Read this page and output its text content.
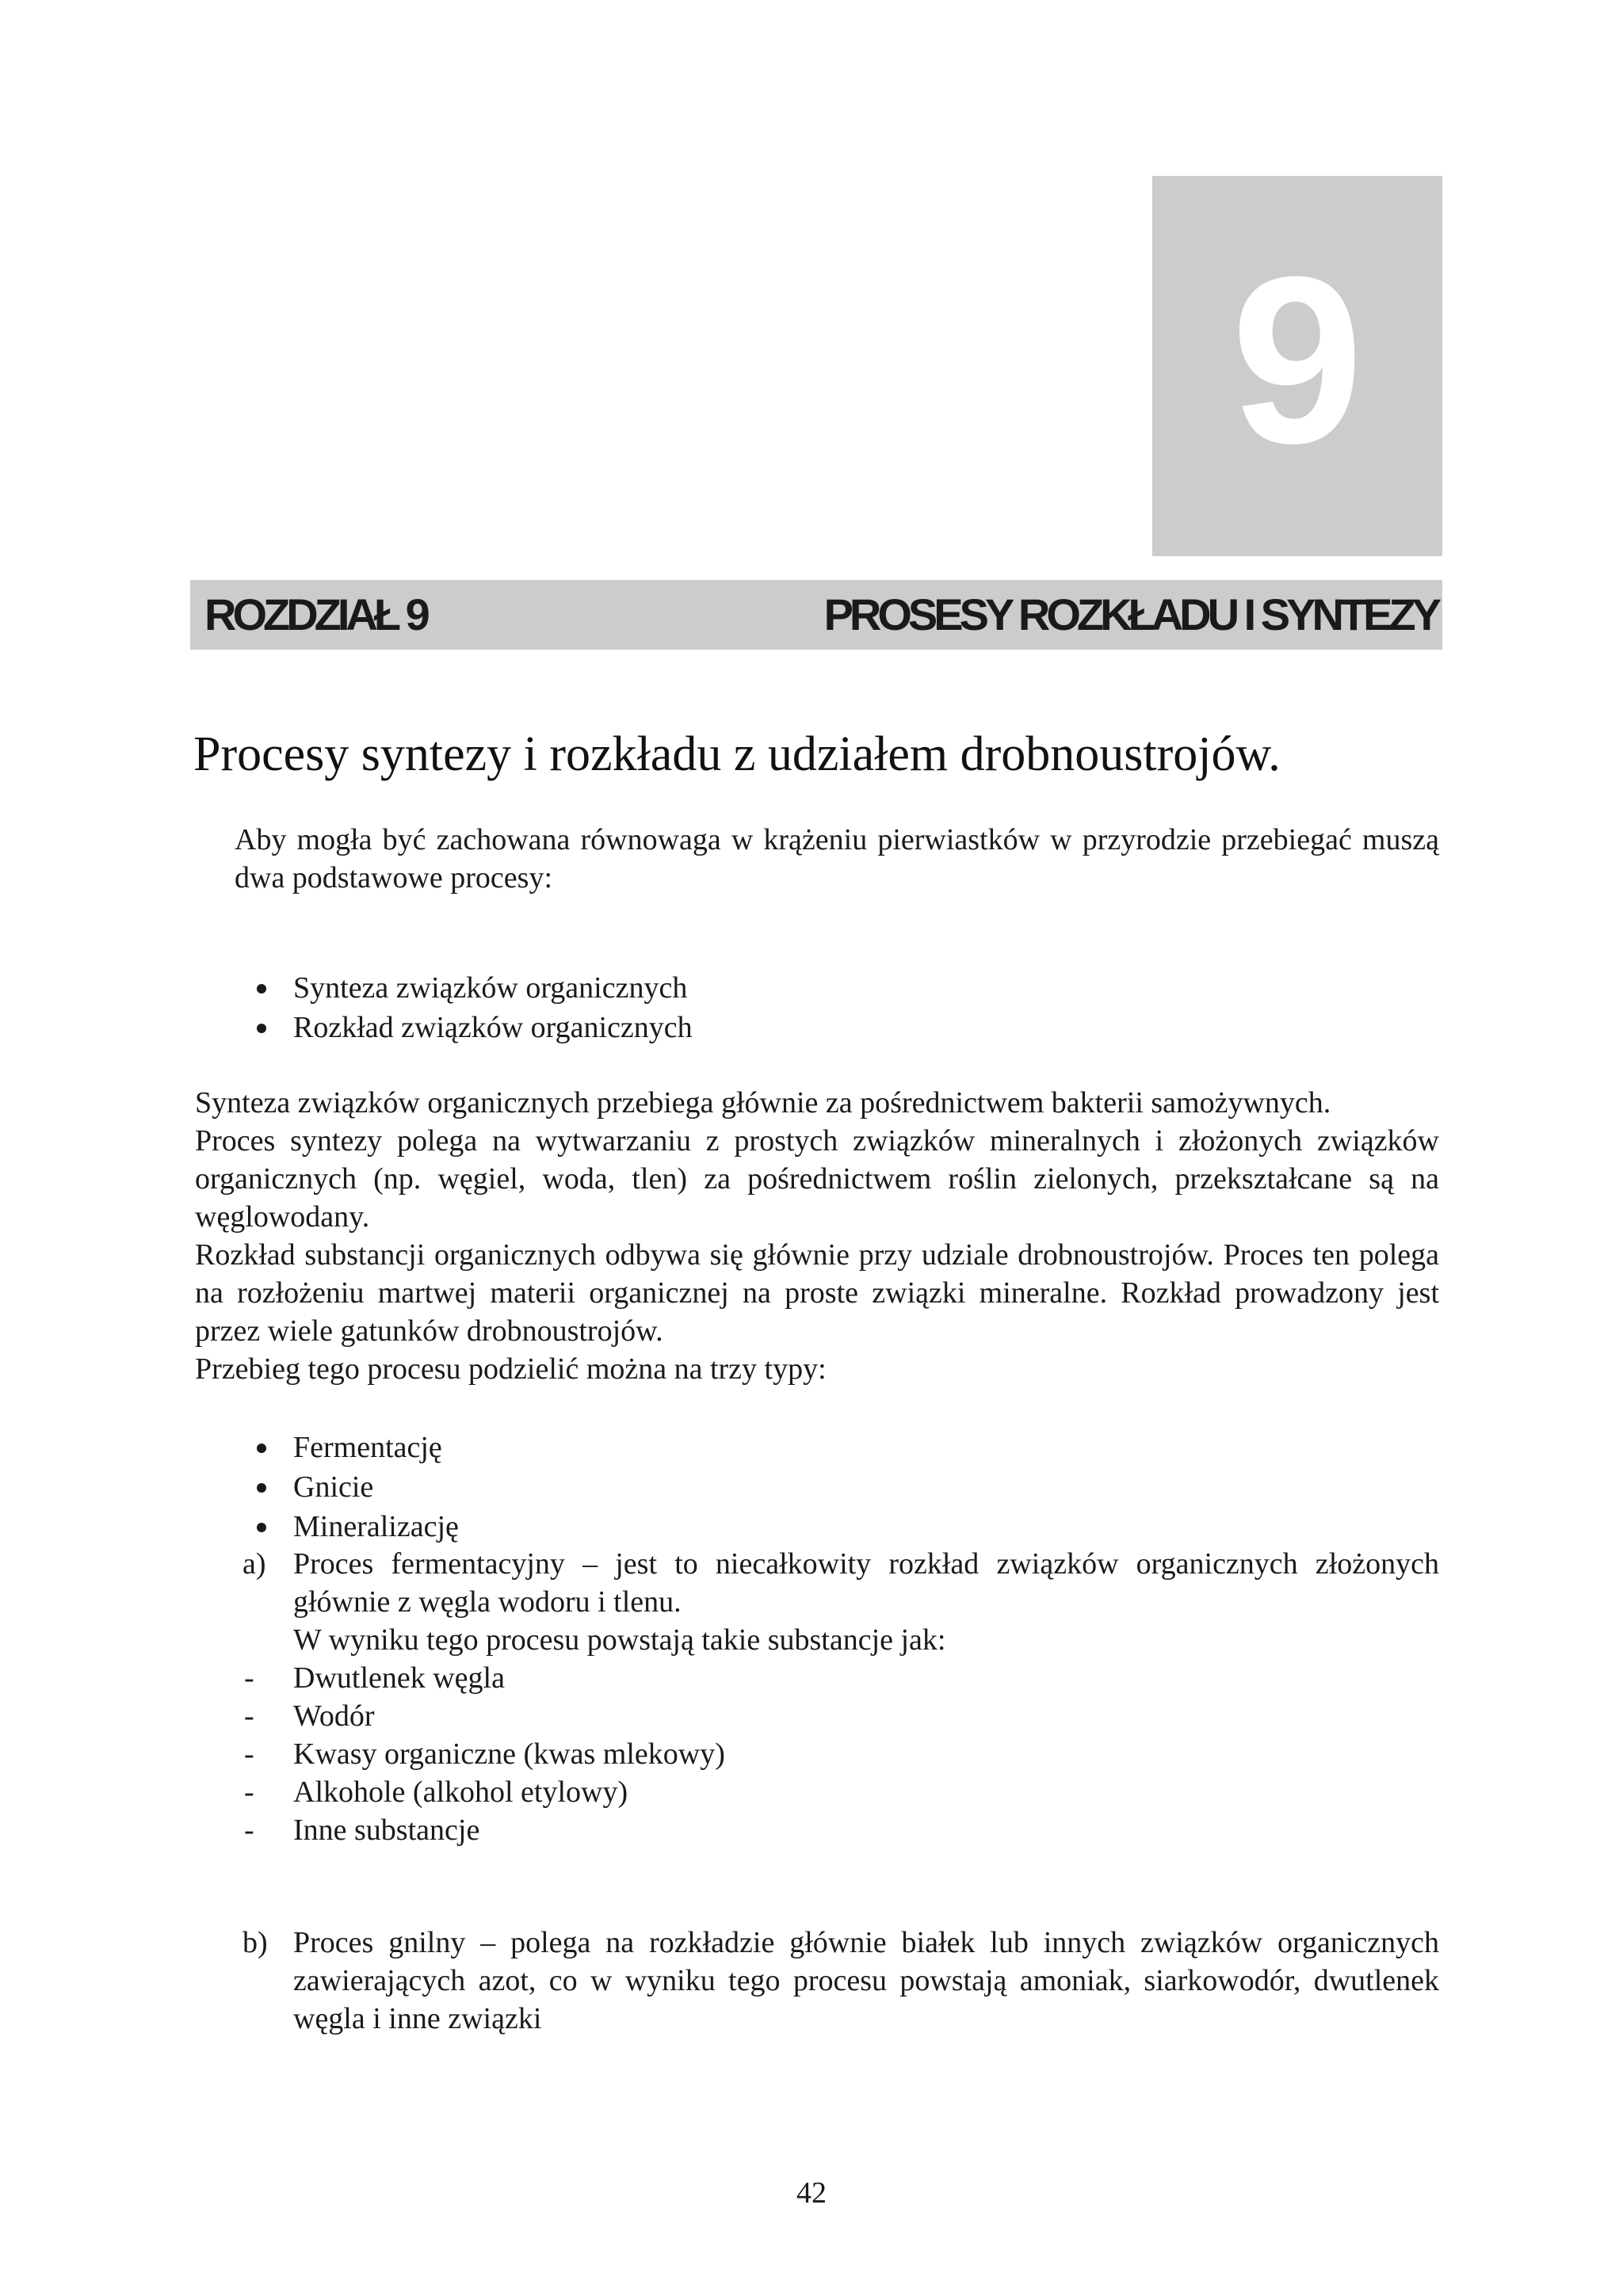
9
ROZDZIAŁ 9	PROSESY ROZKŁADU I SYNTEZY
Procesy syntezy i rozkładu z udziałem drobnoustrojów.

Aby mogła być zachowana równowaga w krążeniu pierwiastków w przyrodzie przebiegać muszą dwa podstawowe procesy:

Synteza związków organicznych
Rozkład związków organicznych
Synteza związków organicznych przebiega głównie za pośrednictwem bakterii samożywnych.
Proces syntezy polega na wytwarzaniu z prostych związków mineralnych i złożonych związków organicznych (np. węgiel, woda, tlen) za pośrednictwem roślin zielonych, przekształcane są na węglowodany.
Rozkład substancji organicznych odbywa się głównie przy udziale drobnoustrojów. Proces ten polega na rozłożeniu martwej materii organicznej na proste związki mineralne. Rozkład prowadzony jest przez wiele gatunków drobnoustrojów.
Przebieg tego procesu podzielić można na trzy typy:
Fermentację
Gnicie
Mineralizację
a) Proces fermentacyjny – jest to niecałkowity rozkład związków organicznych złożonych głównie z węgla wodoru i tlenu.

W wyniku tego procesu powstają takie substancje jak:

- Dwutlenek węgla
- Wodór
- Kwasy organiczne (kwas mlekowy)
- Alkohole (alkohol etylowy)
- Inne substancje
b) Proces gnilny – polega na rozkładzie głównie białek lub innych związków organicznych zawierających azot, co w wyniku tego procesu powstają amoniak, siarkowodór, dwutlenek węgla i inne związki

42
